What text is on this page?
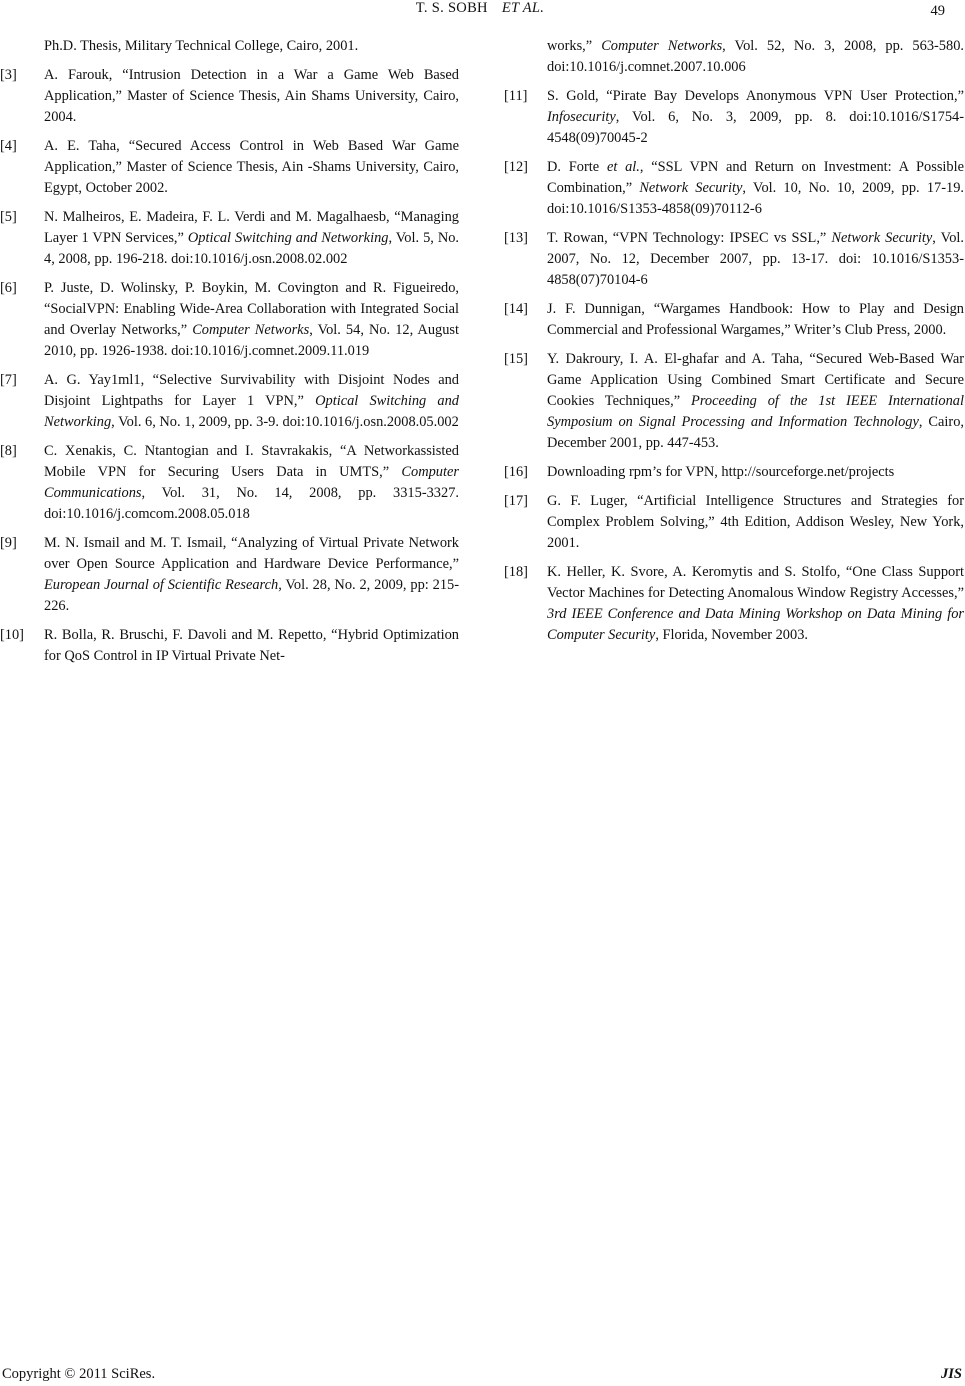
T. S. SOBH ET AL.	49
Ph.D. Thesis, Military Technical College, Cairo, 2001.
[3] A. Farouk, “Intrusion Detection in a War a Game Web Based Application,” Master of Science Thesis, Ain Shams University, Cairo, 2004.
[4] A. E. Taha, “Secured Access Control in Web Based War Game Application,” Master of Science Thesis, Ain -Shams University, Cairo, Egypt, October 2002.
[5] N. Malheiros, E. Madeira, F. L. Verdi and M. Magalhaesb, “Managing Layer 1 VPN Services,” Optical Switching and Networking, Vol. 5, No. 4, 2008, pp. 196-218. doi:10.1016/j.osn.2008.02.002
[6] P. Juste, D. Wolinsky, P. Boykin, M. Covington and R. Figueiredo, “SocialVPN: Enabling Wide-Area Collaboration with Integrated Social and Overlay Networks,” Computer Networks, Vol. 54, No. 12, August 2010, pp. 1926-1938. doi:10.1016/j.comnet.2009.11.019
[7] A. G. Yay1ml1, “Selective Survivability with Disjoint Nodes and Disjoint Lightpaths for Layer 1 VPN,” Optical Switching and Networking, Vol. 6, No. 1, 2009, pp. 3-9. doi:10.1016/j.osn.2008.05.002
[8] C. Xenakis, C. Ntantogian and I. Stavrakakis, “A Networkassisted Mobile VPN for Securing Users Data in UMTS,” Computer Communications, Vol. 31, No. 14, 2008, pp. 3315-3327. doi:10.1016/j.comcom.2008.05.018
[9] M. N. Ismail and M. T. Ismail, “Analyzing of Virtual Private Network over Open Source Application and Hardware Device Performance,” European Journal of Scientific Research, Vol. 28, No. 2, 2009, pp: 215-226.
[10] R. Bolla, R. Bruschi, F. Davoli and M. Repetto, “Hybrid Optimization for QoS Control in IP Virtual Private Net-
works,” Computer Networks, Vol. 52, No. 3, 2008, pp. 563-580. doi:10.1016/j.comnet.2007.10.006
[11] S. Gold, “Pirate Bay Develops Anonymous VPN User Protection,” Infosecurity, Vol. 6, No. 3, 2009, pp. 8. doi:10.1016/S1754-4548(09)70045-2
[12] D. Forte et al., “SSL VPN and Return on Investment: A Possible Combination,” Network Security, Vol. 10, No. 10, 2009, pp. 17-19. doi:10.1016/S1353-4858(09)70112-6
[13] T. Rowan, “VPN Technology: IPSEC vs SSL,” Network Security, Vol. 2007, No. 12, December 2007, pp. 13-17. doi: 10.1016/S1353-4858(07)70104-6
[14] J. F. Dunnigan, “Wargames Handbook: How to Play and Design Commercial and Professional Wargames,” Writer’s Club Press, 2000.
[15] Y. Dakroury, I. A. El-ghafar and A. Taha, “Secured Web-Based War Game Application Using Combined Smart Certificate and Secure Cookies Techniques,” Proceeding of the 1st IEEE International Symposium on Signal Processing and Information Technology, Cairo, December 2001, pp. 447-453.
[16] Downloading rpm’s for VPN, http://sourceforge.net/projects
[17] G. F. Luger, “Artificial Intelligence Structures and Strategies for Complex Problem Solving,” 4th Edition, Addison Wesley, New York, 2001.
[18] K. Heller, K. Svore, A. Keromytis and S. Stolfo, “One Class Support Vector Machines for Detecting Anomalous Window Registry Accesses,” 3rd IEEE Conference and Data Mining Workshop on Data Mining for Computer Security, Florida, November 2003.
Copyright © 2011 SciRes.	JIS
